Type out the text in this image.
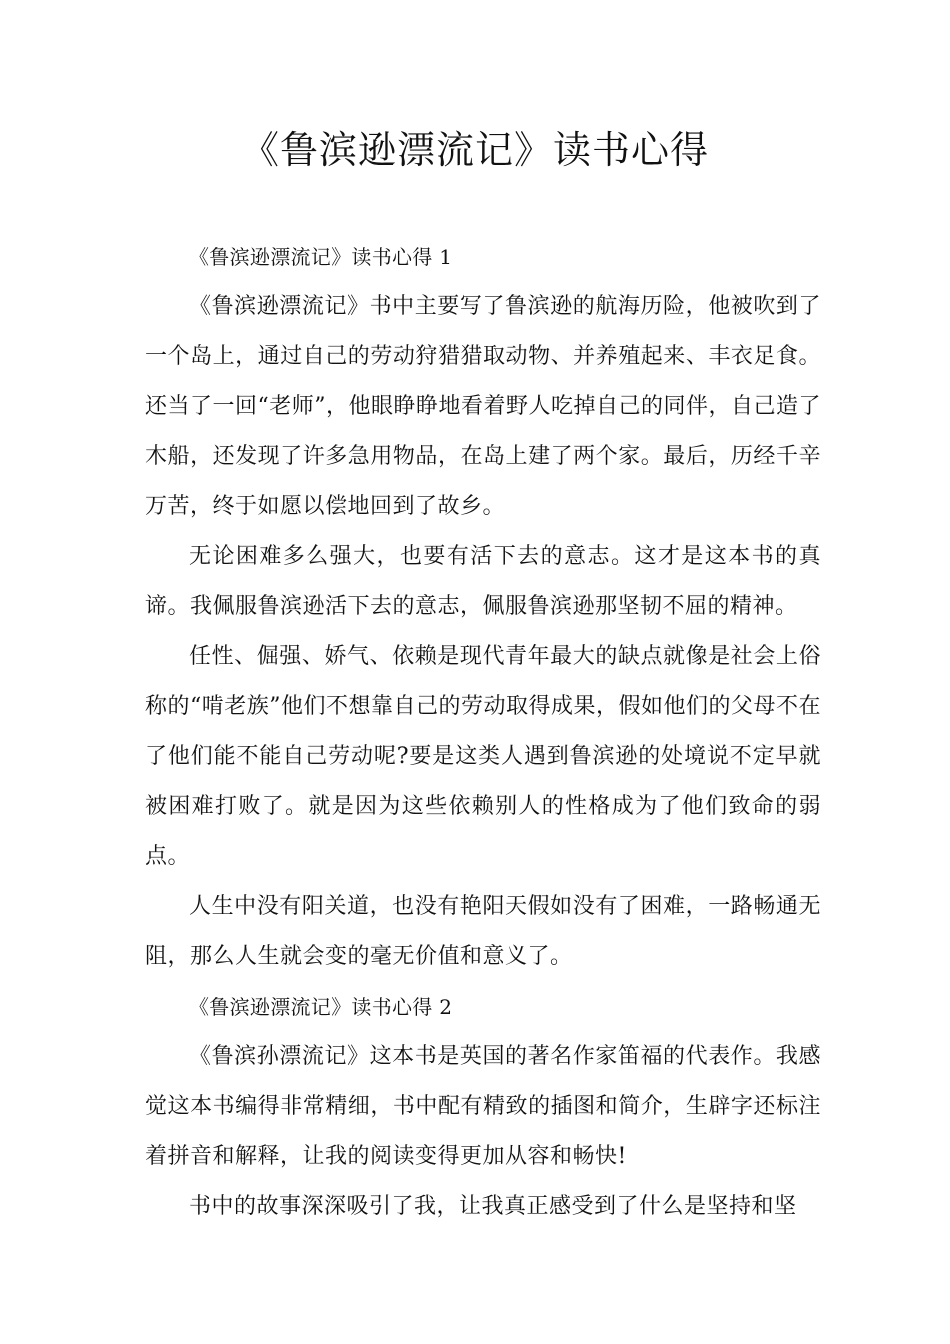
《鲁滨逊漂流记》读书心得

《鲁滨逊漂流记》读书心得 1

《鲁滨逊漂流记》书中主要写了鲁滨逊的航海历险，他被吹到了一个岛上，通过自己的劳动狩猎猎取动物、并养殖起来、丰衣足食。还当了一回“老师”，他眼睁睁地看着野人吃掉自己的同伴，自己造了木船，还发现了许多急用物品，在岛上建了两个家。最后，历经千辛万苦，终于如愿以偿地回到了故乡。

无论困难多么强大，也要有活下去的意志。这才是这本书的真谛。我佩服鲁滨逊活下去的意志，佩服鲁滨逊那坚韧不屈的精神。

任性、倔强、娇气、依赖是现代青年最大的缺点就像是社会上俗称的“啃老族”他们不想靠自己的劳动取得成果，假如他们的父母不在了他们能不能自己劳动呢?要是这类人遇到鲁滨逊的处境说不定早就被困难打败了。就是因为这些依赖别人的性格成为了他们致命的弱点。

人生中没有阳关道，也没有艳阳天假如没有了困难，一路畅通无阻，那么人生就会变的毫无价值和意义了。

《鲁滨逊漂流记》读书心得 2

《鲁滨孙漂流记》这本书是英国的著名作家笛福的代表作。我感觉这本书编得非常精细，书中配有精致的插图和简介，生辟字还标注着拼音和解释，让我的阅读变得更加从容和畅快!

书中的故事深深吸引了我，让我真正感受到了什么是坚持和坚
